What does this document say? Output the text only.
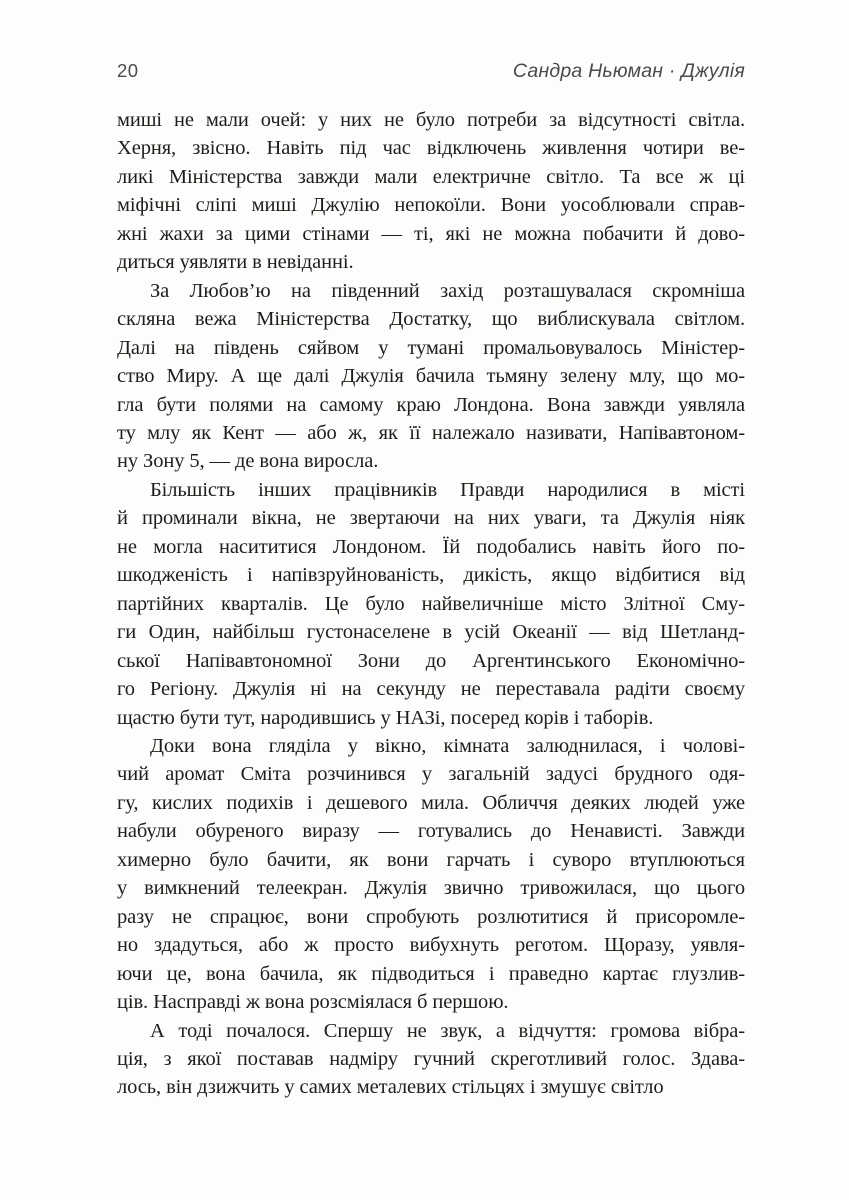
20	Сандра Ньюман · Джулія
миші не мали очей: у них не було потреби за відсутності світла.
Херня, звісно. Навіть під час відключень живлення чотири ве-
ликі Міністерства завжди мали електричне світло. Та все ж ці
міфічні сліпі миші Джулію непокоїли. Вони уособлювали справ-
жні жахи за цими стінами — ті, які не можна побачити й дово-
диться уявляти в невіданні.
За Любов’ю на південний захід розташувалася скромніша
скляна вежа Міністерства Достатку, що виблискувала світлом.
Далі на південь сяйвом у тумані промальовувалось Міністер-
ство Миру. А ще далі Джулія бачила тьмяну зелену млу, що мо-
гла бути полями на самому краю Лондона. Вона завжди уявляла
ту млу як Кент — або ж, як її належало називати, Напівавтоном-
ну Зону 5, — де вона виросла.
Більшість інших працівників Правди народилися в місті
й проминали вікна, не звертаючи на них уваги, та Джулія ніяк
не могла насититися Лондоном. Їй подобались навіть його по-
шкодженість і напівзруйнованість, дикість, якщо відбитися від
партійних кварталів. Це було найвеличніше місто Злітної Сму-
ги Один, найбільш густонаселене в усій Океанії — від Шетланд-
ської Напівавтономної Зони до Аргентинського Економічно-
го Регіону. Джулія ні на секунду не переставала радіти своєму
щастю бути тут, народившись у НАЗі, посеред корів і таборів.
Доки вона гляділа у вікно, кімната залюднилася, і чолові-
чий аромат Сміта розчинився у загальній задусі брудного одя-
гу, кислих подихів і дешевого мила. Обличчя деяких людей уже
набули обуреного виразу — готувались до Ненависті. Завжди
химерно було бачити, як вони гарчать і суворо втуплюються
у вимкнений телеекран. Джулія звично тривожилася, що цього
разу не спрацює, вони спробують розлютитися й присоромле-
но здадуться, або ж просто вибухнуть реготом. Щоразу, уявля-
ючи це, вона бачила, як підводиться і праведно картає глузлив-
ців. Насправді ж вона розсміялася б першою.
А тоді почалося. Спершу не звук, а відчуття: громова вібра-
ція, з якої поставав надміру гучний скреготливий голос. Здава-
лось, він дзижчить у самих металевих стільцях і змушує світло
